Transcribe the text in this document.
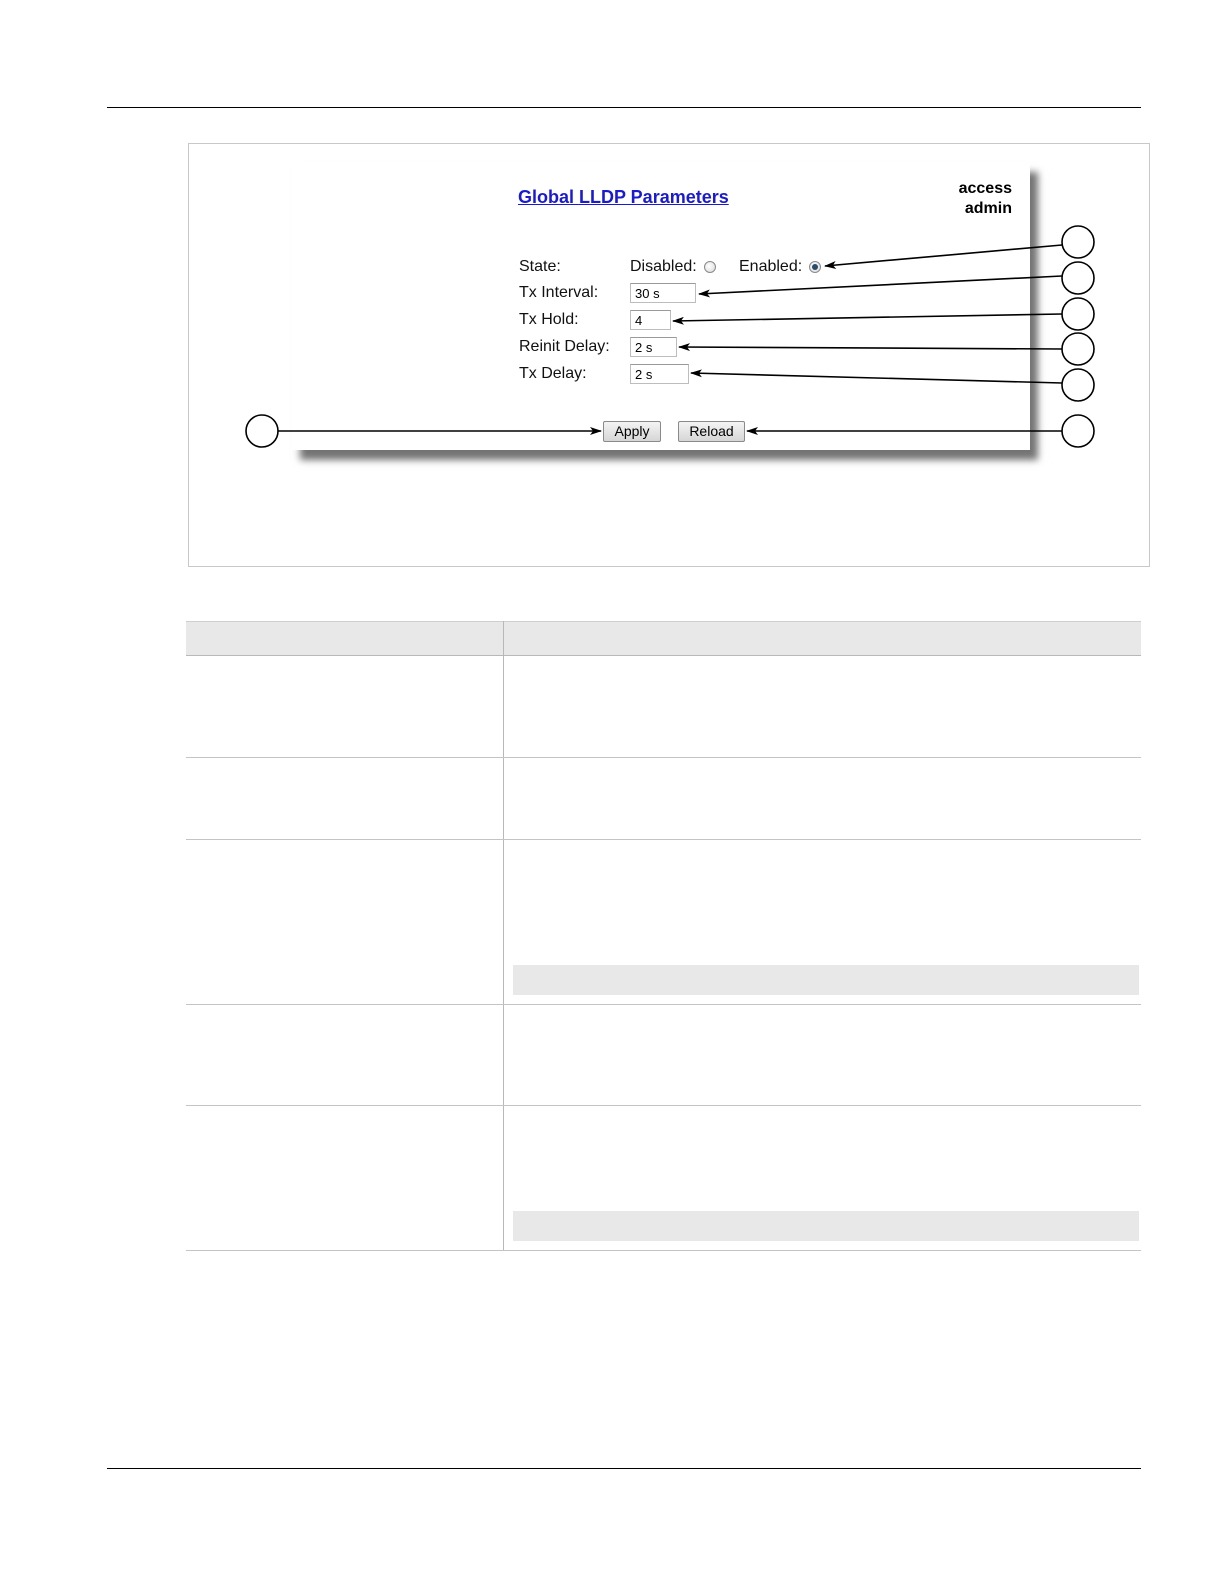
Global LLDP Parameters	access
admin
State:	Disabled:	Enabled:
Tx Interval:	30 s
Tx Hold:	4
Reinit Delay:	2 s
Tx Delay:	2 s
Apply	Reload
